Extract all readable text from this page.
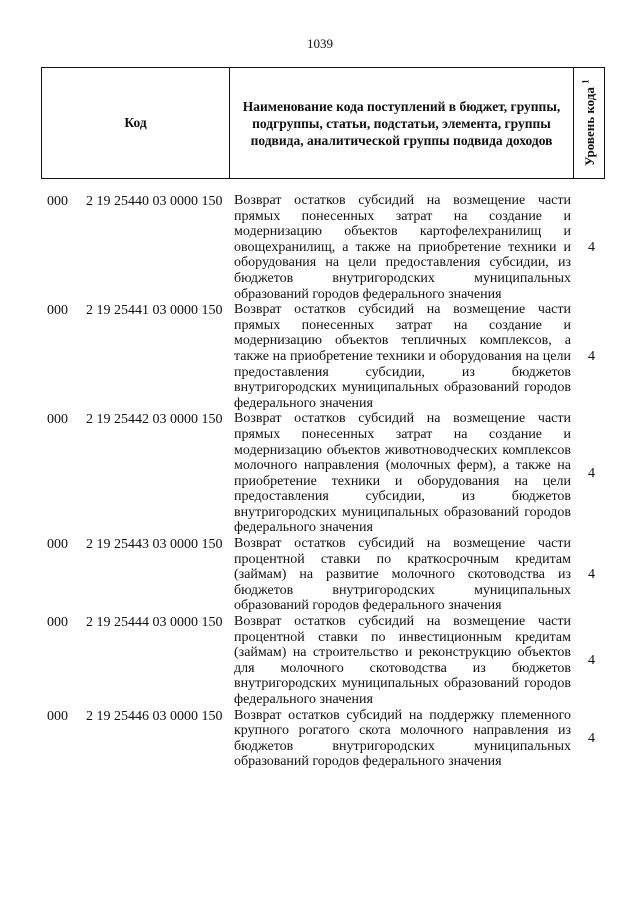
1039
Код
Наименование кода поступлений в бюджет, группы, подгруппы, статьи, подстатьи, элемента, группы подвида, аналитической группы подвида доходов	Уровень кода $^1$
000 2 19 25440 03 0000 150 Возврат остатков субсидий на возмещение части прямых понесенных затрат на создание и модернизацию объектов картофелехранилищ и овощехранилищ, а также на приобретение техники и оборудования на цели предоставления субсидии, из бюджетов внутригородских муниципальных образований городов федерального значения
4
000 2 19 25441 03 0000 150 Возврат остатков субсидий на возмещение части прямых понесенных затрат на создание и модернизацию объектов тепличных комплексов, а также на приобретение техники и оборудования на цели предоставления субсидии, из бюджетов внутригородских муниципальных образований городов федерального значения
4
000 2 19 25442 03 0000 150 Возврат остатков субсидий на возмещение части прямых понесенных затрат на создание и модернизацию объектов животноводческих комплексов молочного направления (молочных ферм), а также на приобретение техники и оборудования на цели предоставления субсидии, из бюджетов внутригородских муниципальных образований городов федерального значения
4
000 2 19 25443 03 0000 150 Возврат остатков субсидий на возмещение части процентной ставки по краткосрочным кредитам (займам) на развитие молочного скотоводства из бюджетов внутригородских муниципальных образований городов федерального значения
4
000 2 19 25444 03 0000 150 Возврат остатков субсидий на возмещение части процентной ставки по инвестиционным кредитам (займам) на строительство и реконструкцию объектов для молочного скотоводства из бюджетов внутригородских муниципальных образований городов федерального значения
4
000 2 19 25446 03 0000 150 Возврат остатков субсидий на поддержку племенного крупного рогатого скота молочного направления из бюджетов внутригородских муниципальных образований городов федерального значения
4
